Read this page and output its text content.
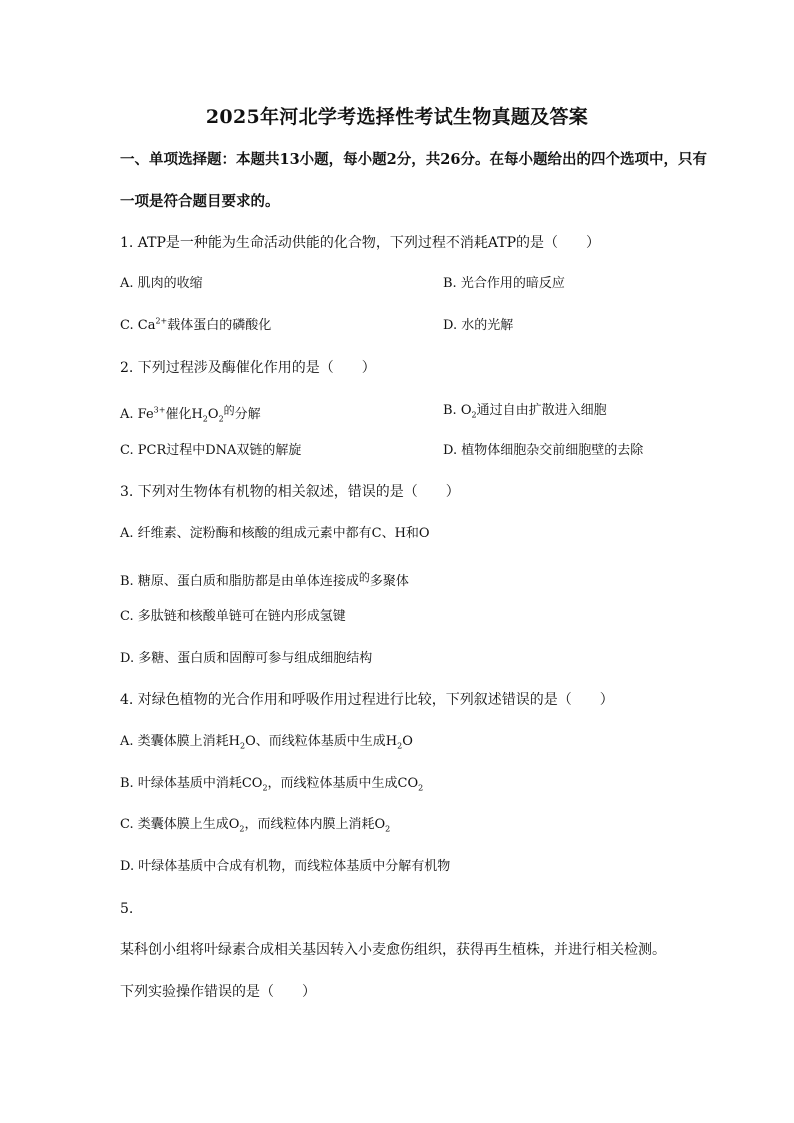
2025年河北学考选择性考试生物真题及答案
一、单项选择题：本题共13小题，每小题2分，共26分。在每小题给出的四个选项中，只有
一项是符合题目要求的。
1. ATP是一种能为生命活动供能的化合物，下列过程不消耗ATP的是（　　）
A. 肌肉的收缩	B. 光合作用的暗反应
C. $Ca^{2+}$载体蛋白的磷酸化	D. 水的光解
2. 下列过程涉及酶催化作用的是（　　）
A. $Fe^{3+}$催化$H_2O_2^的$分解	B. $O_2$通过自由扩散进入细胞
C. PCR过程中DNA双链的解旋	D. 植物体细胞杂交前细胞壁的去除
3. 下列对生物体有机物的相关叙述，错误的是（　　）
A. 纤维素、淀粉酶和核酸的组成元素中都有C、H和O
B. 糖原、蛋白质和脂肪都是由单体连接成$^的$多聚体
C. 多肽链和核酸单链可在链内形成氢键
D. 多糖、蛋白质和固醇可参与组成细胞结构
4. 对绿色植物的光合作用和呼吸作用过程进行比较，下列叙述错误的是（　　）
A. 类囊体膜上消耗$H_2O$、而线粒体基质中生成$H_2O$
B. 叶绿体基质中消耗$CO_2$，而线粒体基质中生成$CO_2$
C. 类囊体膜上生成$O_2$，而线粒体内膜上消耗$O_2$
D. 叶绿体基质中合成有机物，而线粒体基质中分解有机物
5.
某科创小组将叶绿素合成相关基因转入小麦愈伤组织，获得再生植株，并进行相关检测。
下列实验操作错误的是（　　）
